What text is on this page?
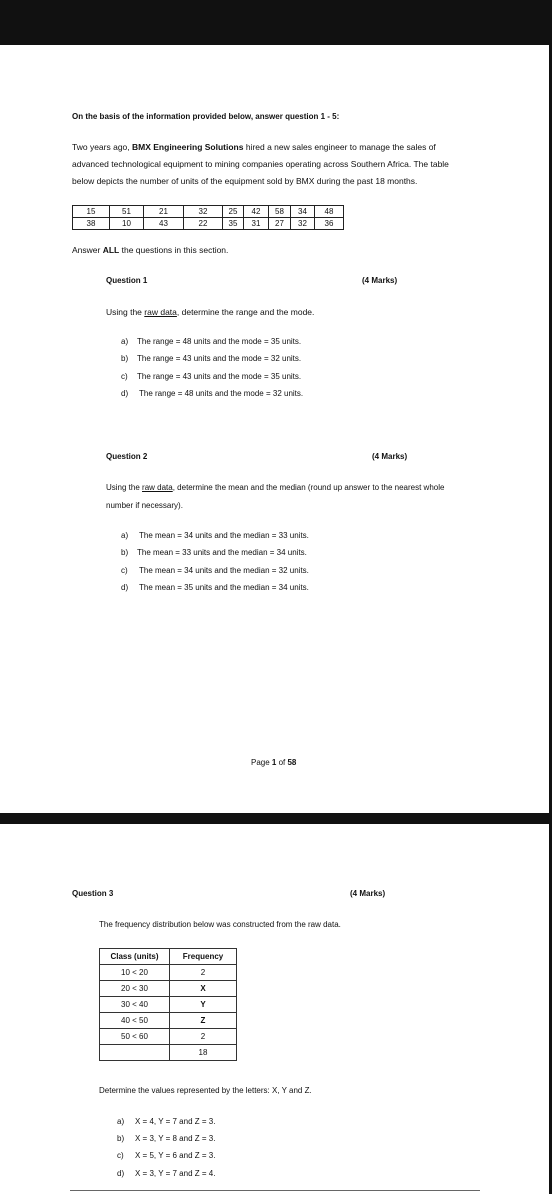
On the basis of the information provided below, answer question 1 - 5:
Two years ago, BMX Engineering Solutions hired a new sales engineer to manage the sales of
advanced technological equipment to mining companies operating across Southern Africa. The table
below depicts the number of units of the equipment sold by BMX during the past 18 months.
15	51	21	32	25	42	58	34	48
38	10	43	22	35	31	27	32	36
Answer ALL the questions in this section.
Question 1	(4 Marks)
Using the raw data, determine the range and the mode.
a) The range = 48 units and the mode = 35 units.
b) The range = 43 units and the mode = 32 units.
c) The range = 43 units and the mode = 35 units.
d) The range = 48 units and the mode = 32 units.
Question 2	(4 Marks)
Using the raw data, determine the mean and the median (round up answer to the nearest whole
number if necessary).
a) The mean = 34 units and the median = 33 units.
b) The mean = 33 units and the median = 34 units.
c) The mean = 34 units and the median = 32 units.
d) The mean = 35 units and the median = 34 units.
Page 1 of 58
Question 3	(4 Marks)
The frequency distribution below was constructed from the raw data.
Class (units)	Frequency
10 < 20	2
20 < 30	X
30 < 40	Y
40 < 50	Z
50 < 60	2
	18
Determine the values represented by the letters: X, Y and Z.
a) X = 4, Y = 7 and Z = 3.
b) X = 3, Y = 8 and Z = 3.
c) X = 5, Y = 6 and Z = 3.
d) X = 3, Y = 7 and Z = 4.
